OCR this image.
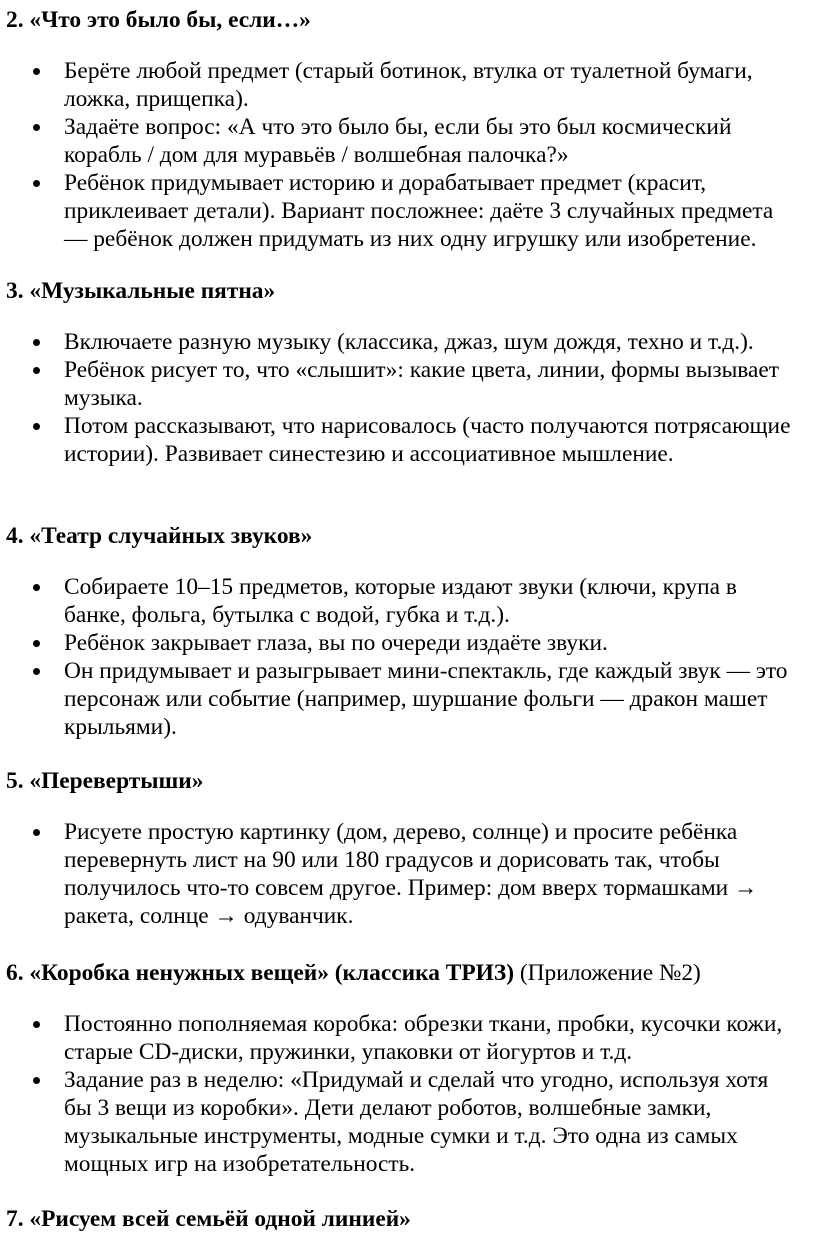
2. «Что это было бы, если…»
Берёте любой предмет (старый ботинок, втулка от туалетной бумаги, ложка, прищепка).
Задаёте вопрос: «А что это было бы, если бы это был космический корабль / дом для муравьёв / волшебная палочка?»
Ребёнок придумывает историю и дорабатывает предмет (красит, приклеивает детали). Вариант посложнее: даёте 3 случайных предмета — ребёнок должен придумать из них одну игрушку или изобретение.
3. «Музыкальные пятна»
Включаете разную музыку (классика, джаз, шум дождя, техно и т.д.).
Ребёнок рисует то, что «слышит»: какие цвета, линии, формы вызывает музыка.
Потом рассказывают, что нарисовалось (часто получаются потрясающие истории). Развивает синестезию и ассоциативное мышление.
4. «Театр случайных звуков»
Собираете 10–15 предметов, которые издают звуки (ключи, крупа в банке, фольга, бутылка с водой, губка и т.д.).
Ребёнок закрывает глаза, вы по очереди издаёте звуки.
Он придумывает и разыгрывает мини-спектакль, где каждый звук — это персонаж или событие (например, шуршание фольги — дракон машет крыльями).
5. «Перевертыши»
Рисуете простую картинку (дом, дерево, солнце) и просите ребёнка перевернуть лист на 90 или 180 градусов и дорисовать так, чтобы получилось что-то совсем другое. Пример: дом вверх тормашками → ракета, солнце → одуванчик.
6. «Коробка ненужных вещей» (классика ТРИЗ) (Приложение №2)
Постоянно пополняемая коробка: обрезки ткани, пробки, кусочки кожи, старые CD-диски, пружинки, упаковки от йогуртов и т.д.
Задание раз в неделю: «Придумай и сделай что угодно, используя хотя бы 3 вещи из коробки». Дети делают роботов, волшебные замки, музыкальные инструменты, модные сумки и т.д. Это одна из самых мощных игр на изобретательность.
7. «Рисуем всей семьёй одной линией»
